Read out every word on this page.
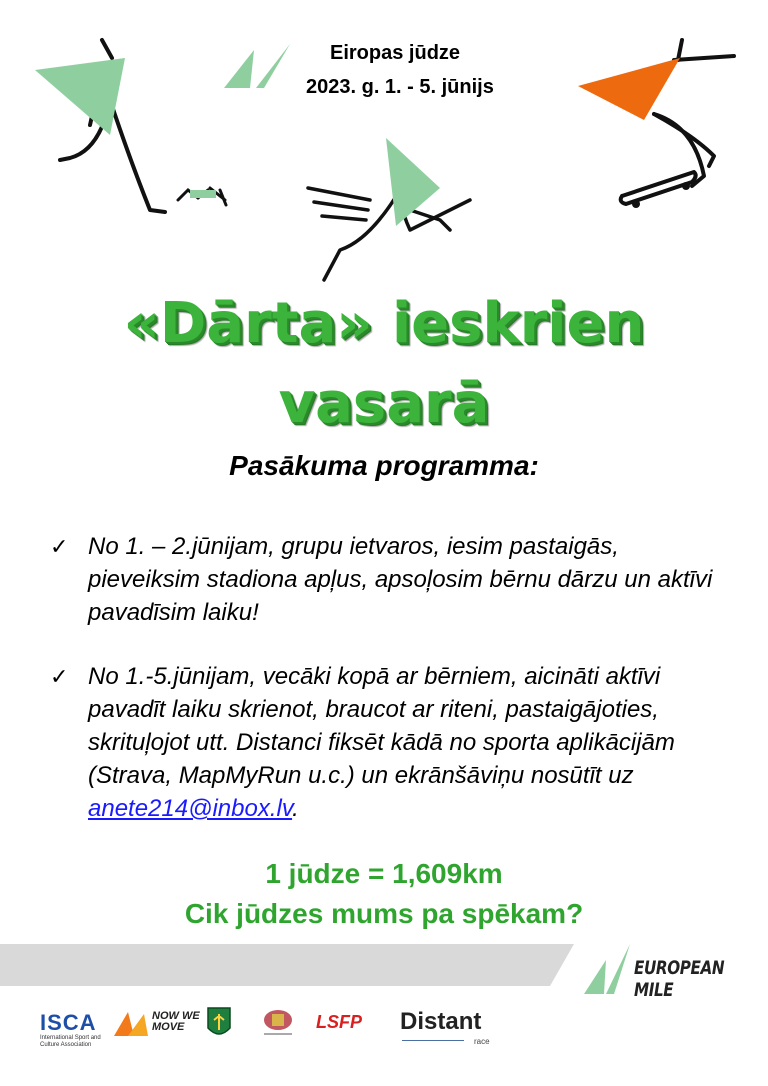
Eiropas jūdze
2023. g. 1. - 5. jūnijs
«Dārta» ieskrien
vasarā
Pasākuma programma:
✓ No 1. – 2.jūnijam, grupu ietvaros, iesim pastaigās, pieveiksim stadiona apļus, apsoļosim bērnu dārzu un aktīvi pavadīsim laiku!
✓ No 1.-5.jūnijam, vecāki kopā ar bērniem, aicināti aktīvi pavadīt laiku skrienot, braucot ar riteni, pastaigājoties, skrituļojot utt. Distanci fiksēt kādā no sporta aplikācijām (Strava, MapMyRun u.c.) un ekrānšāviņu nosūtīt uz anete214@inbox.lv.
1 jūdze = 1,609km
Cik jūdzes mums pa spēkam?
EUROPEAN MILE
ISCA
International Sport and Culture Association
NOW WE MOVE	LSFP Distant
race
